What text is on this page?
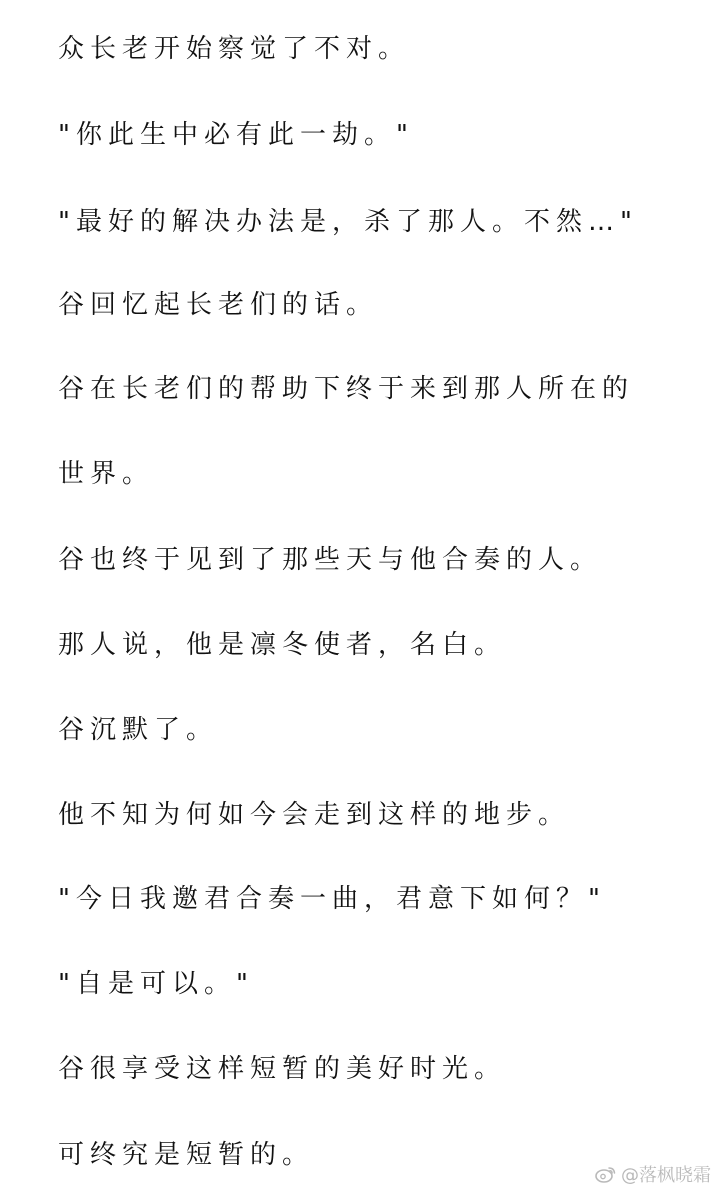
众长老开始察觉了不对。

"你此生中必有此一劫。"

"最好的解决办法是，杀了那人。不然…"

谷回忆起长老们的话。

谷在长老们的帮助下终于来到那人所在的

世界。

谷也终于见到了那些天与他合奏的人。

那人说，他是凛冬使者，名白。

谷沉默了。

他不知为何如今会走到这样的地步。

"今日我邀君合奏一曲，君意下如何？"

"自是可以。"

谷很享受这样短暂的美好时光。

可终究是短暂的。

@落枫晓霜
